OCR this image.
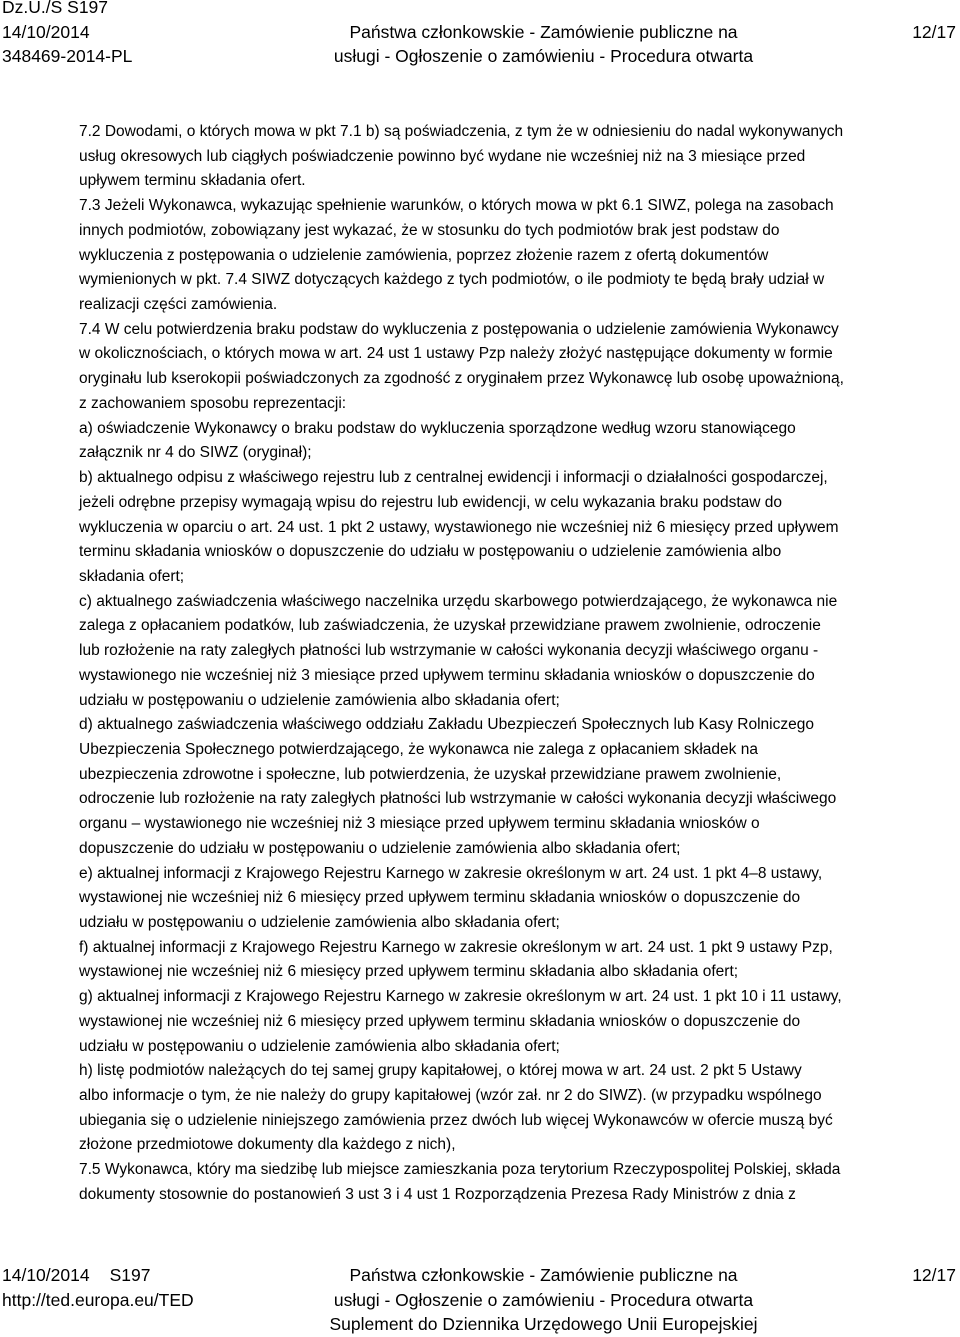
Dz.U./S S197
14/10/2014
348469-2014-PL
Państwa członkowskie - Zamówienie publiczne na
usługi - Ogłoszenie o zamówieniu - Procedura otwarta
12/17
7.2 Dowodami, o których mowa w pkt 7.1 b) są poświadczenia, z tym że w odniesieniu do nadal wykonywanych
usług okresowych lub ciągłych poświadczenie powinno być wydane nie wcześniej niż na 3 miesiące przed
upływem terminu składania ofert.
7.3 Jeżeli Wykonawca, wykazując spełnienie warunków, o których mowa w pkt 6.1 SIWZ, polega na zasobach
innych podmiotów, zobowiązany jest wykazać, że w stosunku do tych podmiotów brak jest podstaw do
wykluczenia z postępowania o udzielenie zamówienia, poprzez złożenie razem z ofertą dokumentów
wymienionych w pkt. 7.4 SIWZ dotyczących każdego z tych podmiotów, o ile podmioty te będą brały udział w
realizacji części zamówienia.
7.4 W celu potwierdzenia braku podstaw do wykluczenia z postępowania o udzielenie zamówienia Wykonawcy
w okolicznościach, o których mowa w art. 24 ust 1 ustawy Pzp należy złożyć następujące dokumenty w formie
oryginału lub kserokopii poświadczonych za zgodność z oryginałem przez Wykonawcę lub osobę upoważnioną,
z zachowaniem sposobu reprezentacji:
a) oświadczenie Wykonawcy o braku podstaw do wykluczenia sporządzone według wzoru stanowiącego
załącznik nr 4 do SIWZ (oryginał);
b) aktualnego odpisu z właściwego rejestru lub z centralnej ewidencji i informacji o działalności gospodarczej,
jeżeli odrębne przepisy wymagają wpisu do rejestru lub ewidencji, w celu wykazania braku podstaw do
wykluczenia w oparciu o art. 24 ust. 1 pkt 2 ustawy, wystawionego nie wcześniej niż 6 miesięcy przed upływem
terminu składania wniosków o dopuszczenie do udziału w postępowaniu o udzielenie zamówienia albo
składania ofert;
c) aktualnego zaświadczenia właściwego naczelnika urzędu skarbowego potwierdzającego, że wykonawca nie
zalega z opłacaniem podatków, lub zaświadczenia, że uzyskał przewidziane prawem zwolnienie, odroczenie
lub rozłożenie na raty zaległych płatności lub wstrzymanie w całości wykonania decyzji właściwego organu -
wystawionego nie wcześniej niż 3 miesiące przed upływem terminu składania wniosków o dopuszczenie do
udziału w postępowaniu o udzielenie zamówienia albo składania ofert;
d) aktualnego zaświadczenia właściwego oddziału Zakładu Ubezpieczeń Społecznych lub Kasy Rolniczego
Ubezpieczenia Społecznego potwierdzającego, że wykonawca nie zalega z opłacaniem składek na
ubezpieczenia zdrowotne i społeczne, lub potwierdzenia, że uzyskał przewidziane prawem zwolnienie,
odroczenie lub rozłożenie na raty zaległych płatności lub wstrzymanie w całości wykonania decyzji właściwego
organu – wystawionego nie wcześniej niż 3 miesiące przed upływem terminu składania wniosków o
dopuszczenie do udziału w postępowaniu o udzielenie zamówienia albo składania ofert;
e) aktualnej informacji z Krajowego Rejestru Karnego w zakresie określonym w art. 24 ust. 1 pkt 4–8 ustawy,
wystawionej nie wcześniej niż 6 miesięcy przed upływem terminu składania wniosków o dopuszczenie do
udziału w postępowaniu o udzielenie zamówienia albo składania ofert;
f) aktualnej informacji z Krajowego Rejestru Karnego w zakresie określonym w art. 24 ust. 1 pkt 9 ustawy Pzp,
wystawionej nie wcześniej niż 6 miesięcy przed upływem terminu składania albo składania ofert;
g) aktualnej informacji z Krajowego Rejestru Karnego w zakresie określonym w art. 24 ust. 1 pkt 10 i 11 ustawy,
wystawionej nie wcześniej niż 6 miesięcy przed upływem terminu składania wniosków o dopuszczenie do
udziału w postępowaniu o udzielenie zamówienia albo składania ofert;
h) listę podmiotów należących do tej samej grupy kapitałowej, o której mowa w art. 24 ust. 2 pkt 5 Ustawy
albo informacje o tym, że nie należy do grupy kapitałowej (wzór zał. nr 2 do SIWZ). (w przypadku wspólnego
ubiegania się o udzielenie niniejszego zamówienia przez dwóch lub więcej Wykonawców w ofercie muszą być
złożone przedmiotowe dokumenty dla każdego z nich),
7.5 Wykonawca, który ma siedzibę lub miejsce zamieszkania poza terytorium Rzeczypospolitej Polskiej, składa
dokumenty stosownie do postanowień 3 ust 3 i 4 ust 1 Rozporządzenia Prezesa Rady Ministrów z dnia z
14/10/2014 S197
http://ted.europa.eu/TED
Państwa członkowskie - Zamówienie publiczne na
usługi - Ogłoszenie o zamówieniu - Procedura otwarta
Suplement do Dziennika Urzędowego Unii Europejskiej
12/17
